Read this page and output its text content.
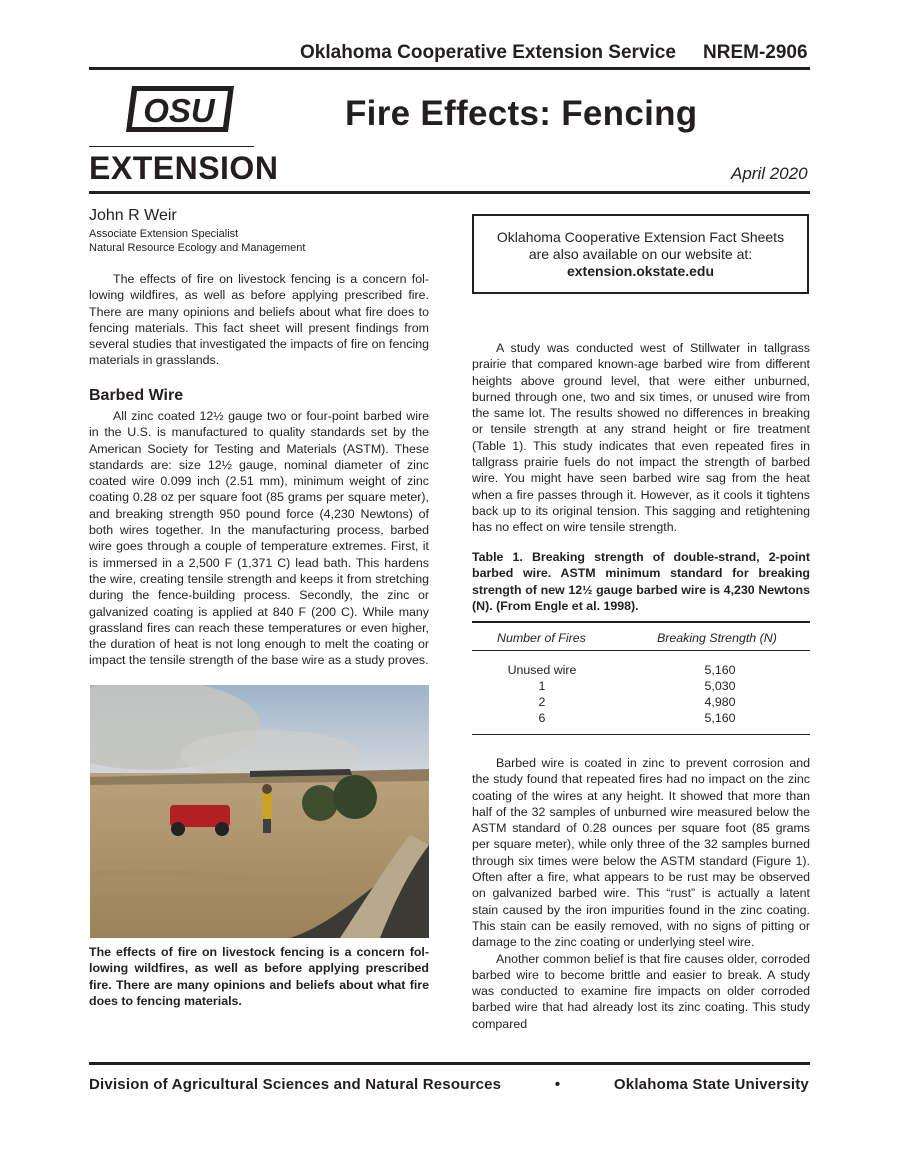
Oklahoma Cooperative Extension Service NREM-2906
OSU
EXTENSION
Fire Effects: Fencing
April 2020
John R Weir
Associate Extension Specialist
Natural Resource Ecology and Management

The effects of fire on livestock fencing is a concern following wildfires, as well as before applying prescribed fire. There are many opinions and beliefs about what fire does to fencing materials. This fact sheet will present findings from several studies that investigated the impacts of fire on fencing materials in grasslands.

Barbed Wire

All zinc coated 12½ gauge two or four-point barbed wire in the U.S. is manufactured to quality standards set by the American Society for Testing and Materials (ASTM). These standards are: size 12½ gauge, nominal diameter of zinc coated wire 0.099 inch (2.51 mm), minimum weight of zinc coating 0.28 oz per square foot (85 grams per square meter), and breaking strength 950 pound force (4,230 Newtons) of both wires together. In the manufacturing process, barbed wire goes through a couple of temperature extremes. First, it is immersed in a 2,500 F (1,371 C) lead bath. This hardens the wire, creating tensile strength and keeps it from stretching during the fence-building process. Secondly, the zinc or galvanized coating is applied at 840 F (200 C). While many grassland fires can reach these temperatures or even higher, the duration of heat is not long enough to melt the coating or impact the tensile strength of the base wire as a study proves.

The effects of fire on livestock fencing is a concern following wildfires, as well as before applying prescribed fire. There are many opinions and beliefs about what fire does to fencing materials.
Oklahoma Cooperative Extension Fact Sheets
are also available on our website at:
extension.okstate.edu

A study was conducted west of Stillwater in tallgrass prairie that compared known-age barbed wire from different heights above ground level, that were either unburned, burned through one, two and six times, or unused wire from the same lot. The results showed no differences in breaking or tensile strength at any strand height or fire treatment (Table 1). This study indicates that even repeated fires in tallgrass prairie fuels do not impact the strength of barbed wire. You might have seen barbed wire sag from the heat when a fire passes through it. However, as it cools it tightens back up to its original tension. This sagging and retightening has no effect on wire tensile strength.

Table 1. Breaking strength of double-strand, 2-point barbed wire. ASTM minimum standard for breaking strength of new 12½ gauge barbed wire is 4,230 Newtons (N). (From Engle et al. 1998).
Number of Fires	Breaking Strength (N)
Unused wire	5,160
1	5,030
2	4,980
6	5,160

Barbed wire is coated in zinc to prevent corrosion and the study found that repeated fires had no impact on the zinc coating of the wires at any height. It showed that more than half of the 32 samples of unburned wire measured below the ASTM standard of 0.28 ounces per square foot (85 grams per square meter), while only three of the 32 samples burned through six times were below the ASTM standard (Figure 1). Often after a fire, what appears to be rust may be observed on galvanized barbed wire. This “rust” is actually a latent stain caused by the iron impurities found in the zinc coating. This stain can be easily removed, with no signs of pitting or damage to the zinc coating or underlying steel wire.

Another common belief is that fire causes older, corroded barbed wire to become brittle and easier to break. A study was conducted to examine fire impacts on older corroded barbed wire that had already lost its zinc coating. This study compared

Division of Agricultural Sciences and Natural Resources	•	Oklahoma State University
